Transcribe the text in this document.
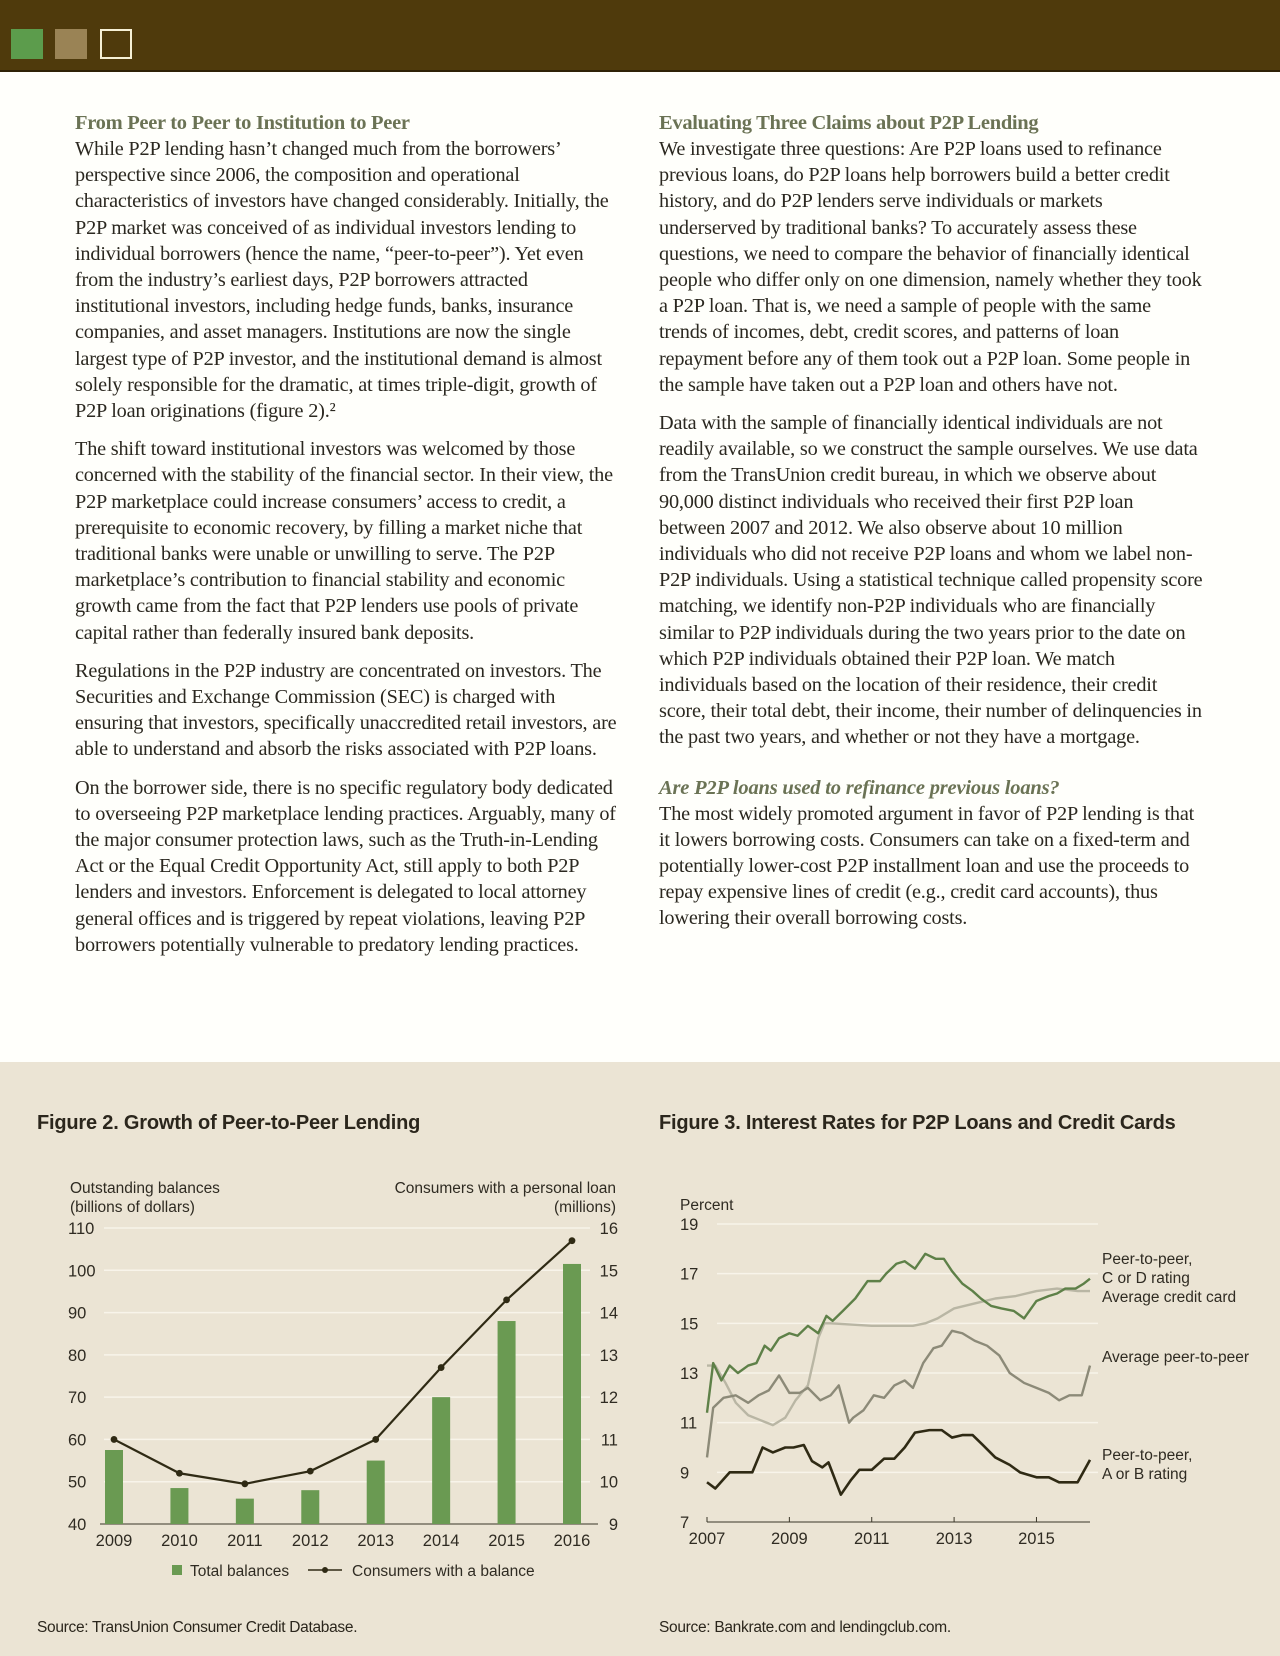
From Peer to Peer to Institution to Peer

While P2P lending hasn’t changed much from the borrowers’ perspective since 2006, the composition and operational characteristics of investors have changed considerably. Initially, the P2P market was conceived of as individual investors lending to individual borrowers (hence the name, “peer-to-peer”). Yet even from the industry’s earliest days, P2P borrowers attracted institutional investors, including hedge funds, banks, insurance companies, and asset managers. Institutions are now the single largest type of P2P investor, and the institutional demand is almost solely responsible for the dramatic, at times triple-digit, growth of P2P loan originations (figure 2).²

The shift toward institutional investors was welcomed by those concerned with the stability of the financial sector. In their view, the P2P marketplace could increase consumers’ access to credit, a prerequisite to economic recovery, by filling a market niche that traditional banks were unable or unwilling to serve. The P2P marketplace’s contribution to financial stability and economic growth came from the fact that P2P lenders use pools of private capital rather than federally insured bank deposits.

Regulations in the P2P industry are concentrated on investors. The Securities and Exchange Commission (SEC) is charged with ensuring that investors, specifically unaccredited retail investors, are able to understand and absorb the risks associated with P2P loans.

On the borrower side, there is no specific regulatory body dedicated to overseeing P2P marketplace lending practices. Arguably, many of the major consumer protection laws, such as the Truth-in-Lending Act or the Equal Credit Opportunity Act, still apply to both P2P lenders and investors. Enforcement is delegated to local attorney general offices and is triggered by repeat violations, leaving P2P borrowers potentially vulnerable to predatory lending practices.

Evaluating Three Claims about P2P Lending

We investigate three questions: Are P2P loans used to refinance previous loans, do P2P loans help borrowers build a better credit history, and do P2P lenders serve individuals or markets underserved by traditional banks? To accurately assess these questions, we need to compare the behavior of financially identical people who differ only on one dimension, namely whether they took a P2P loan. That is, we need a sample of people with the same trends of incomes, debt, credit scores, and patterns of loan repayment before any of them took out a P2P loan. Some people in the sample have taken out a P2P loan and others have not.

Data with the sample of financially identical individuals are not readily available, so we construct the sample ourselves. We use data from the TransUnion credit bureau, in which we observe about 90,000 distinct individuals who received their first P2P loan between 2007 and 2012. We also observe about 10 million individuals who did not receive P2P loans and whom we label non-P2P individuals. Using a statistical technique called propensity score matching, we identify non-P2P individuals who are financially similar to P2P individuals during the two years prior to the date on which P2P individuals obtained their P2P loan. We match individuals based on the location of their residence, their credit score, their total debt, their income, their number of delinquencies in the past two years, and whether or not they have a mortgage.

Are P2P loans used to refinance previous loans?

The most widely promoted argument in favor of P2P lending is that it lowers borrowing costs. Consumers can take on a fixed-term and potentially lower-cost P2P installment loan and use the proceeds to repay expensive lines of credit (e.g., credit card accounts), thus lowering their overall borrowing costs.

Figure 2. Growth of Peer-to-Peer Lending	Figure 3. Interest Rates for P2P Loans and Credit Cards
Outstanding balances
(billions of dollars)
Consumers with a personal loan
(millions)
40
50
60
70
80
90
100
110
9
10
11
12
13
14
15
16
2009 2010 2011 2012 2013 2014 2015 2016
Total balances	Consumers with a balance
Percent
7
9
11
13
15
17
19
2007	2009	2011	2013	2015
Peer-to-peer,
C or D rating
Average credit card
Average peer-to-peer
Peer-to-peer,
A or B rating
Source: TransUnion Consumer Credit Database.	Source: Bankrate.com and lendingclub.com.
